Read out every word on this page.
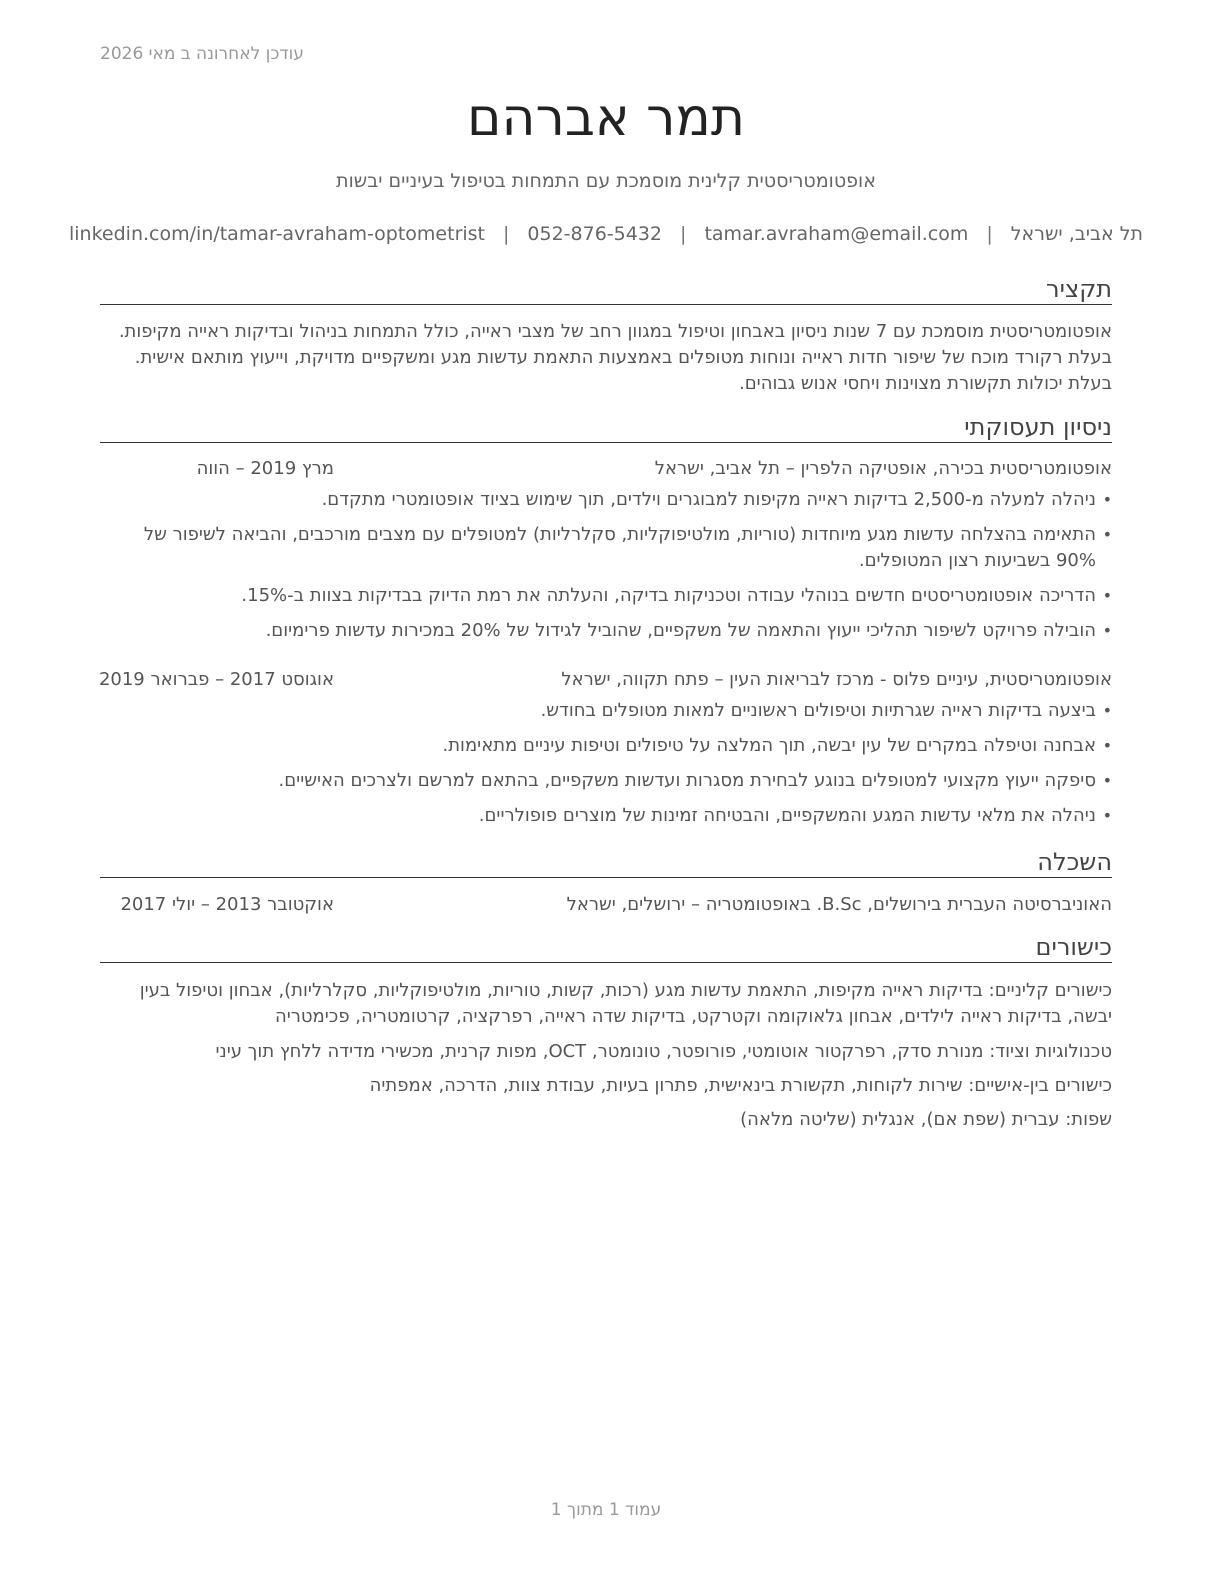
עודכן לאחרונה ב מאי 2026
תמר אברהם
אופטומטריסטית קלינית מוסמכת עם התמחות בטיפול בעיניים יבשות
תל אביב, ישראל
|
tamar.avraham@email.com
|
052-876-5432
|
linkedin.com/in/tamar-avraham-optometrist
תקציר
אופטומטריסטית מוסמכת עם 7 שנות ניסיון באבחון וטיפול במגוון רחב של מצבי ראייה, כולל התמחות בניהול ובדיקות ראייה מקיפות. בעלת רקורד מוכח של שיפור חדות ראייה ונוחות מטופלים באמצעות התאמת עדשות מגע ומשקפיים מדויקת, וייעוץ מותאם אישית. בעלת יכולות תקשורת מצוינות ויחסי אנוש גבוהים.
ניסיון תעסוקתי
אופטומטריסטית בכירה, אופטיקה הלפרין – תל אביב, ישראל
מרץ 2019 – הווה
• ניהלה למעלה מ-2,500 בדיקות ראייה מקיפות למבוגרים וילדים, תוך שימוש בציוד אופטומטרי מתקדם.
• התאימה בהצלחה עדשות מגע מיוחדות (טוריות, מולטיפוקליות, סקלרליות) למטופלים עם מצבים מורכבים, והביאה לשיפור של 90% בשביעות רצון המטופלים.
• הדריכה אופטומטריסטים חדשים בנוהלי עבודה וטכניקות בדיקה, והעלתה את רמת הדיוק בבדיקות בצוות ב-15%.
• הובילה פרויקט לשיפור תהליכי ייעוץ והתאמה של משקפיים, שהוביל לגידול של 20% במכירות עדשות פרימיום.
אופטומטריסטית, עיניים פלוס - מרכז לבריאות העין – פתח תקווה, ישראל
אוגוסט 2017 – פברואר 2019
• ביצעה בדיקות ראייה שגרתיות וטיפולים ראשוניים למאות מטופלים בחודש.
• אבחנה וטיפלה במקרים של עין יבשה, תוך המלצה על טיפולים וטיפות עיניים מתאימות.
• סיפקה ייעוץ מקצועי למטופלים בנוגע לבחירת מסגרות ועדשות משקפיים, בהתאם למרשם ולצרכים האישיים.
• ניהלה את מלאי עדשות המגע והמשקפיים, והבטיחה זמינות של מוצרים פופולריים.
השכלה
האוניברסיטה העברית בירושלים, B.Sc. באופטומטריה – ירושלים, ישראל
אוקטובר 2013 – יולי 2017
כישורים
כישורים קליניים: בדיקות ראייה מקיפות, התאמת עדשות מגע (רכות, קשות, טוריות, מולטיפוקליות, סקלרליות), אבחון וטיפול בעין יבשה, בדיקות ראייה לילדים, אבחון גלאוקומה וקטרקט, בדיקות שדה ראייה, רפרקציה, קרטומטריה, פכימטריה
טכנולוגיות וציוד: מנורת סדק, רפרקטור אוטומטי, פורופטר, טונומטר, OCT, מפות קרנית, מכשירי מדידה ללחץ תוך עיני
כישורים בין-אישיים: שירות לקוחות, תקשורת בינאישית, פתרון בעיות, עבודת צוות, הדרכה, אמפתיה
שפות: עברית (שפת אם), אנגלית (שליטה מלאה)
עמוד 1 מתוך 1
